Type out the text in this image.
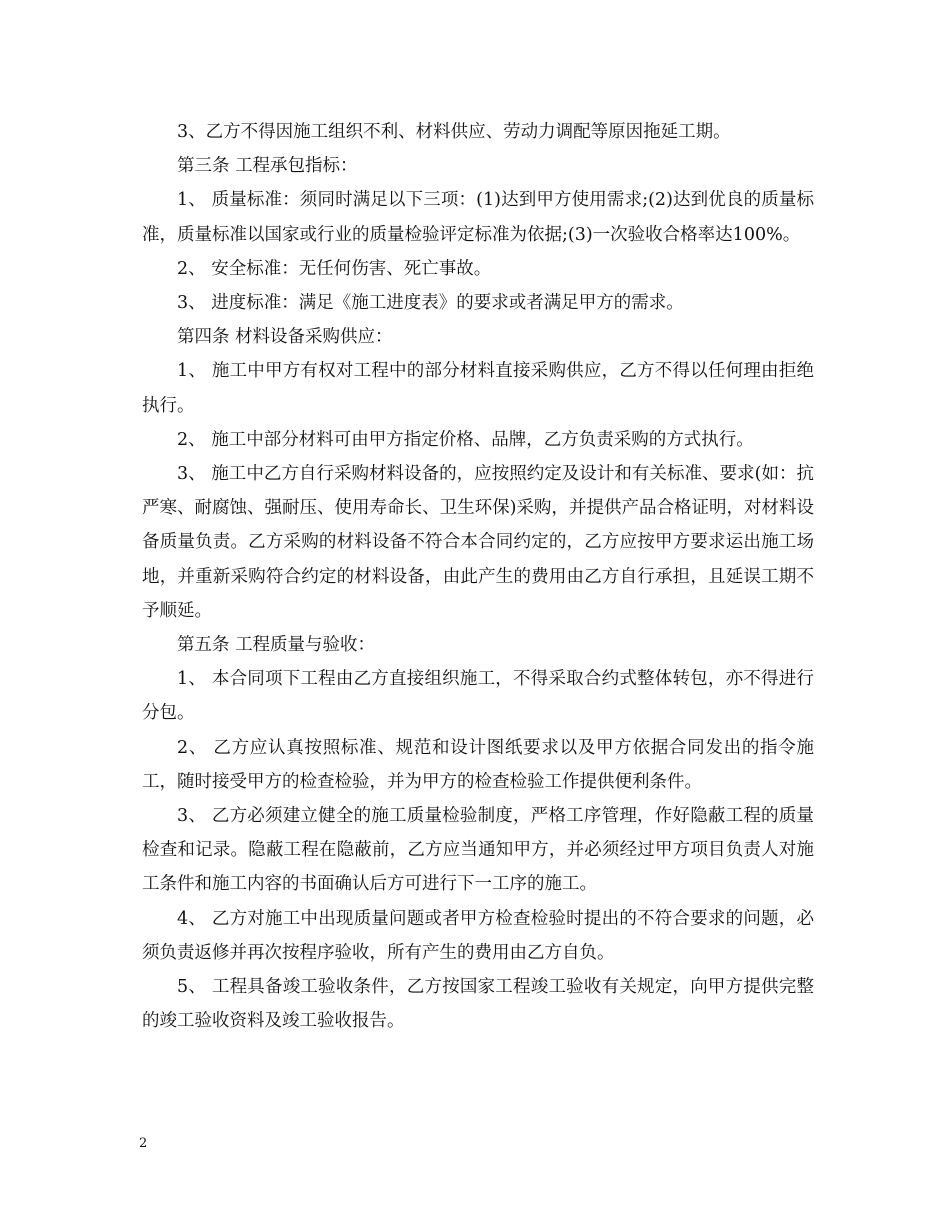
3、乙方不得因施工组织不利、材料供应、劳动力调配等原因拖延工期。

第三条 工程承包指标：

1、 质量标准：须同时满足以下三项：(1)达到甲方使用需求;(2)达到优良的质量标准，质量标准以国家或行业的质量检验评定标准为依据;(3)一次验收合格率达100%。

2、 安全标准：无任何伤害、死亡事故。

3、 进度标准：满足《施工进度表》的要求或者满足甲方的需求。

第四条 材料设备采购供应：

1、 施工中甲方有权对工程中的部分材料直接采购供应，乙方不得以任何理由拒绝执行。

2、 施工中部分材料可由甲方指定价格、品牌，乙方负责采购的方式执行。

3、 施工中乙方自行采购材料设备的，应按照约定及设计和有关标准、要求(如：抗严寒、耐腐蚀、强耐压、使用寿命长、卫生环保)采购，并提供产品合格证明，对材料设备质量负责。乙方采购的材料设备不符合本合同约定的，乙方应按甲方要求运出施工场地，并重新采购符合约定的材料设备，由此产生的费用由乙方自行承担，且延误工期不予顺延。

第五条 工程质量与验收：

1、 本合同项下工程由乙方直接组织施工，不得采取合约式整体转包，亦不得进行分包。

2、 乙方应认真按照标准、规范和设计图纸要求以及甲方依据合同发出的指令施工，随时接受甲方的检查检验，并为甲方的检查检验工作提供便利条件。

3、 乙方必须建立健全的施工质量检验制度，严格工序管理，作好隐蔽工程的质量检查和记录。隐蔽工程在隐蔽前，乙方应当通知甲方，并必须经过甲方项目负责人对施工条件和施工内容的书面确认后方可进行下一工序的施工。

4、 乙方对施工中出现质量问题或者甲方检查检验时提出的不符合要求的问题，必须负责返修并再次按程序验收，所有产生的费用由乙方自负。

5、 工程具备竣工验收条件，乙方按国家工程竣工验收有关规定，向甲方提供完整的竣工验收资料及竣工验收报告。

2
